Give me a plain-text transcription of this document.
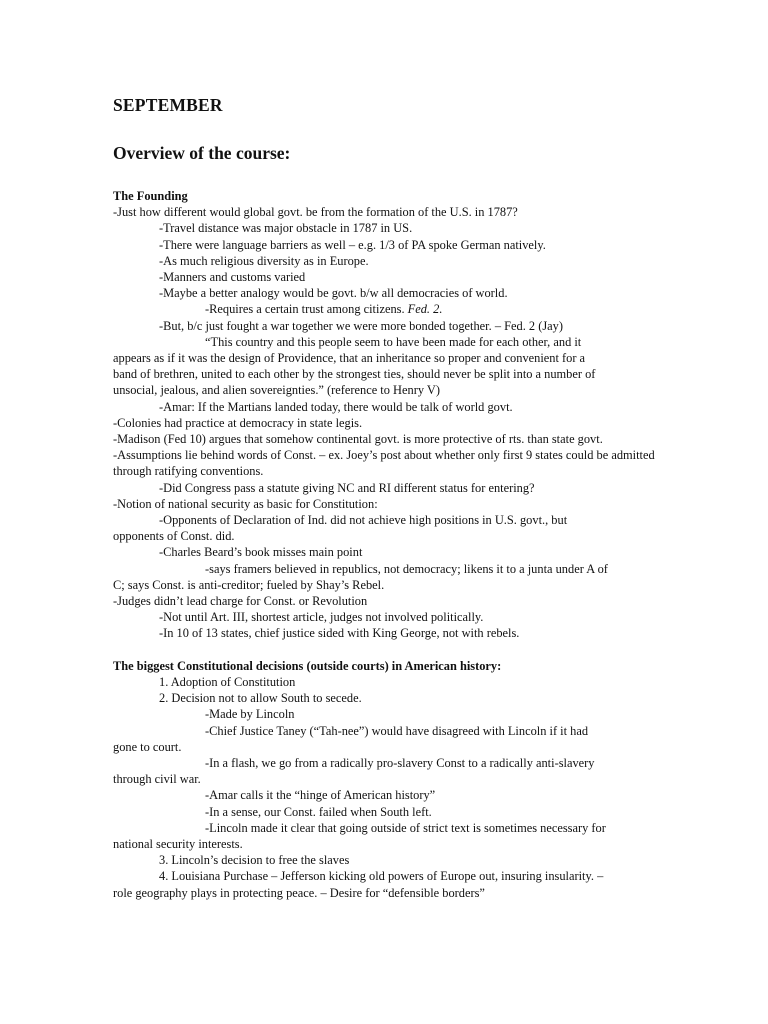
SEPTEMBER
Overview of the course:
The Founding
-Just how different would global govt. be from the formation of the U.S. in 1787?
-Travel distance was major obstacle in 1787 in US.
-There were language barriers as well – e.g. 1/3 of PA spoke German natively.
-As much religious diversity as in Europe.
-Manners and customs varied
-Maybe a better analogy would be govt. b/w all democracies of world.
-Requires a certain trust among citizens. Fed. 2.
-But, b/c just fought a war together we were more bonded together. – Fed. 2 (Jay)
“This country and this people seem to have been made for each other, and it
appears as if it was the design of Providence, that an inheritance so proper and convenient for a
band of brethren, united to each other by the strongest ties, should never be split into a number of
unsocial, jealous, and alien sovereignties.” (reference to Henry V)
-Amar: If the Martians landed today, there would be talk of world govt.
-Colonies had practice at democracy in state legis.
-Madison (Fed 10) argues that somehow continental govt. is more protective of rts. than state govt.
-Assumptions lie behind words of Const. – ex. Joey’s post about whether only first 9 states could be admitted through ratifying conventions.
-Did Congress pass a statute giving NC and RI different status for entering?
-Notion of national security as basic for Constitution:
-Opponents of Declaration of Ind. did not achieve high positions in U.S. govt., but
opponents of Const. did.
-Charles Beard’s book misses main point
-says framers believed in republics, not democracy; likens it to a junta under A of
C; says Const. is anti-creditor; fueled by Shay’s Rebel.
-Judges didn’t lead charge for Const. or Revolution
-Not until Art. III, shortest article, judges not involved politically.
-In 10 of 13 states, chief justice sided with King George, not with rebels.
The biggest Constitutional decisions (outside courts) in American history:
1. Adoption of Constitution
2. Decision not to allow South to secede.
-Made by Lincoln
-Chief Justice Taney (“Tah-nee”) would have disagreed with Lincoln if it had
gone to court.
-In a flash, we go from a radically pro-slavery Const to a radically anti-slavery
through civil war.
-Amar calls it the “hinge of American history”
-In a sense, our Const. failed when South left.
-Lincoln made it clear that going outside of strict text is sometimes necessary for
national security interests.
3. Lincoln’s decision to free the slaves
4. Louisiana Purchase – Jefferson kicking old powers of Europe out, insuring insularity. –
role geography plays in protecting peace. – Desire for “defensible borders”
